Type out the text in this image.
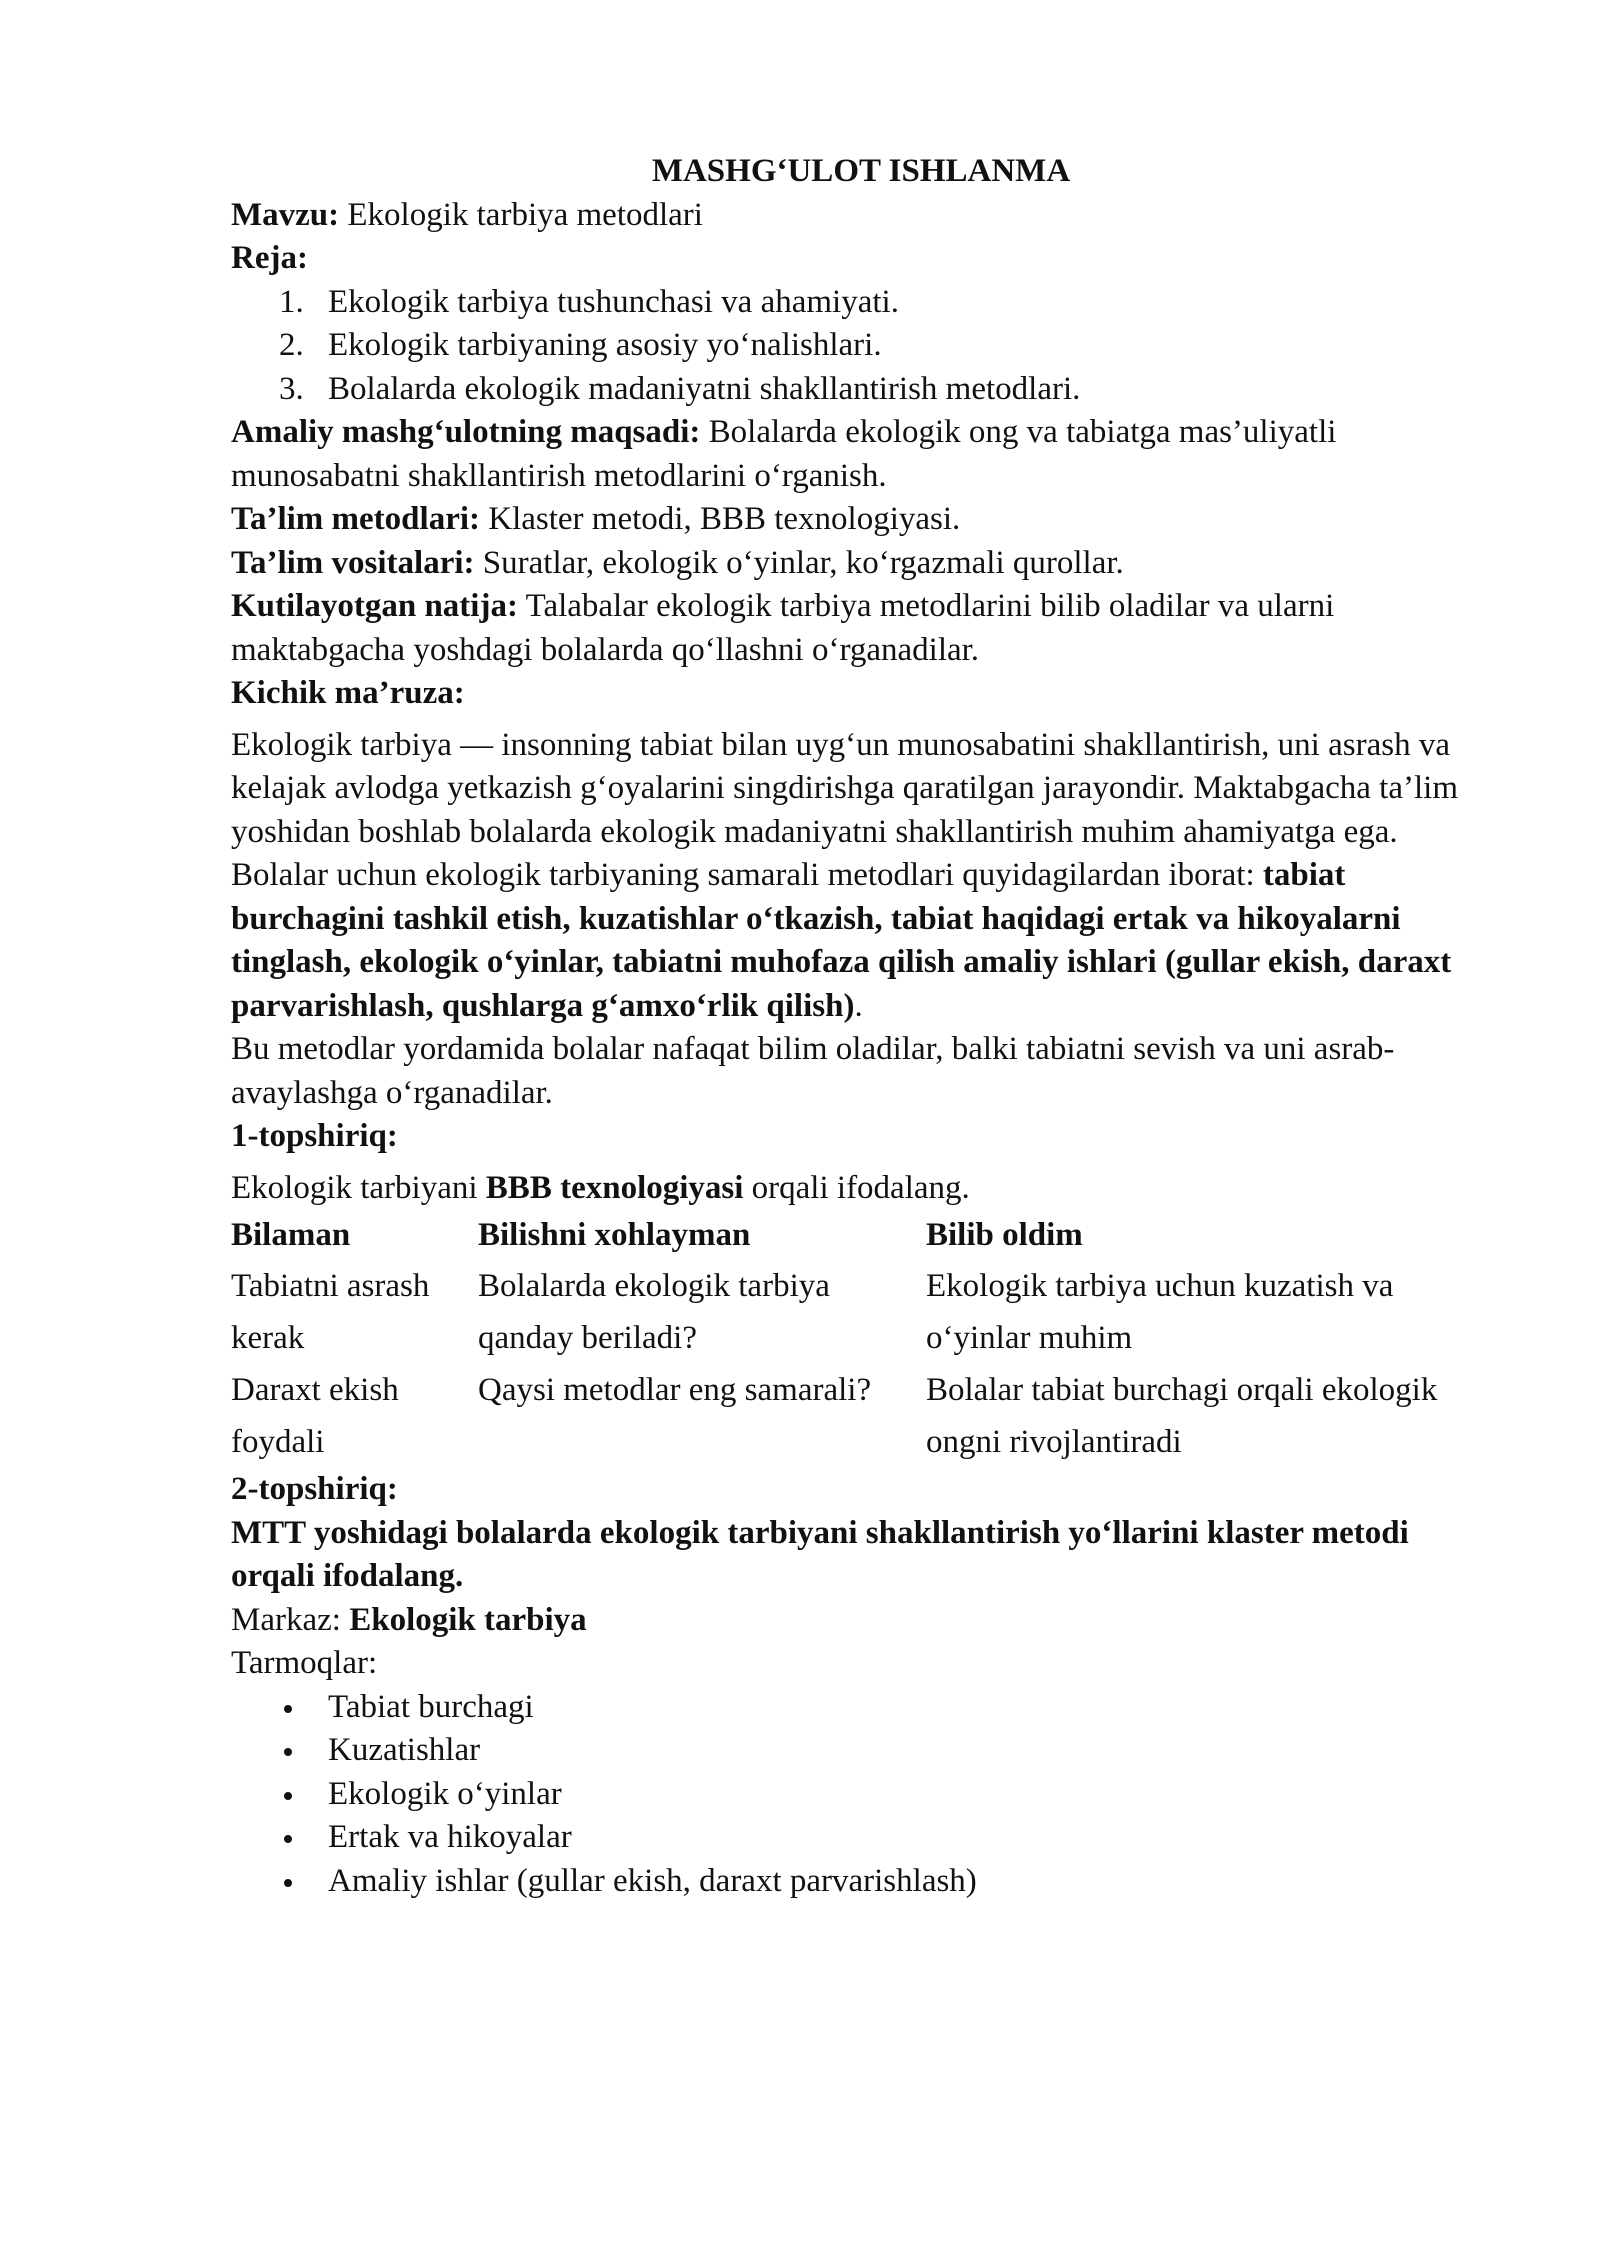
MASHG‘ULOT ISHLANMA

Mavzu: Ekologik tarbiya metodlari

Reja:

1. Ekologik tarbiya tushunchasi va ahamiyati.
2. Ekologik tarbiyaning asosiy yo‘nalishlari.
3. Bolalarda ekologik madaniyatni shakllantirish metodlari.

Amaliy mashg‘ulotning maqsadi: Bolalarda ekologik ong va tabiatga mas’uliyatli munosabatni shakllantirish metodlarini o‘rganish.

Ta’lim metodlari: Klaster metodi, BBB texnologiyasi.

Ta’lim vositalari: Suratlar, ekologik o‘yinlar, ko‘rgazmali qurollar.

Kutilayotgan natija: Talabalar ekologik tarbiya metodlarini bilib oladilar va ularni maktabgacha yoshdagi bolalarda qo‘llashni o‘rganadilar.

Kichik ma’ruza:

Ekologik tarbiya — insonning tabiat bilan uyg‘un munosabatini shakllantirish, uni asrash va kelajak avlodga yetkazish g‘oyalarini singdirishga qaratilgan jarayondir. Maktabgacha ta’lim yoshidan boshlab bolalarda ekologik madaniyatni shakllantirish muhim ahamiyatga ega.

Bolalar uchun ekologik tarbiyaning samarali metodlari quyidagilardan iborat: tabiat burchagini tashkil etish, kuzatishlar o‘tkazish, tabiat haqidagi ertak va hikoyalarni tinglash, ekologik o‘yinlar, tabiatni muhofaza qilish amaliy ishlari (gullar ekish, daraxt parvarishlash, qushlarga g‘amxo‘rlik qilish).

Bu metodlar yordamida bolalar nafaqat bilim oladilar, balki tabiatni sevish va uni asrab-avaylashga o‘rganadilar.

1-topshiriq:

Ekologik tarbiyani BBB texnologiyasi orqali ifodalang.

Bilaman	Bilishni xohlayman	Bilib oldim
Tabiatni asrash kerak	Bolalarda ekologik tarbiya qanday beriladi?	Ekologik tarbiya uchun kuzatish va o‘yinlar muhim
Daraxt ekish foydali	Qaysi metodlar eng samarali?	Bolalar tabiat burchagi orqali ekologik ongni rivojlantiradi

2-topshiriq:

MTT yoshidagi bolalarda ekologik tarbiyani shakllantirish yo‘llarini klaster metodi orqali ifodalang.

Markaz: Ekologik tarbiya

Tarmoqlar:

Tabiat burchagi
Kuzatishlar
Ekologik o‘yinlar
Ertak va hikoyalar
Amaliy ishlar (gullar ekish, daraxt parvarishlash)
